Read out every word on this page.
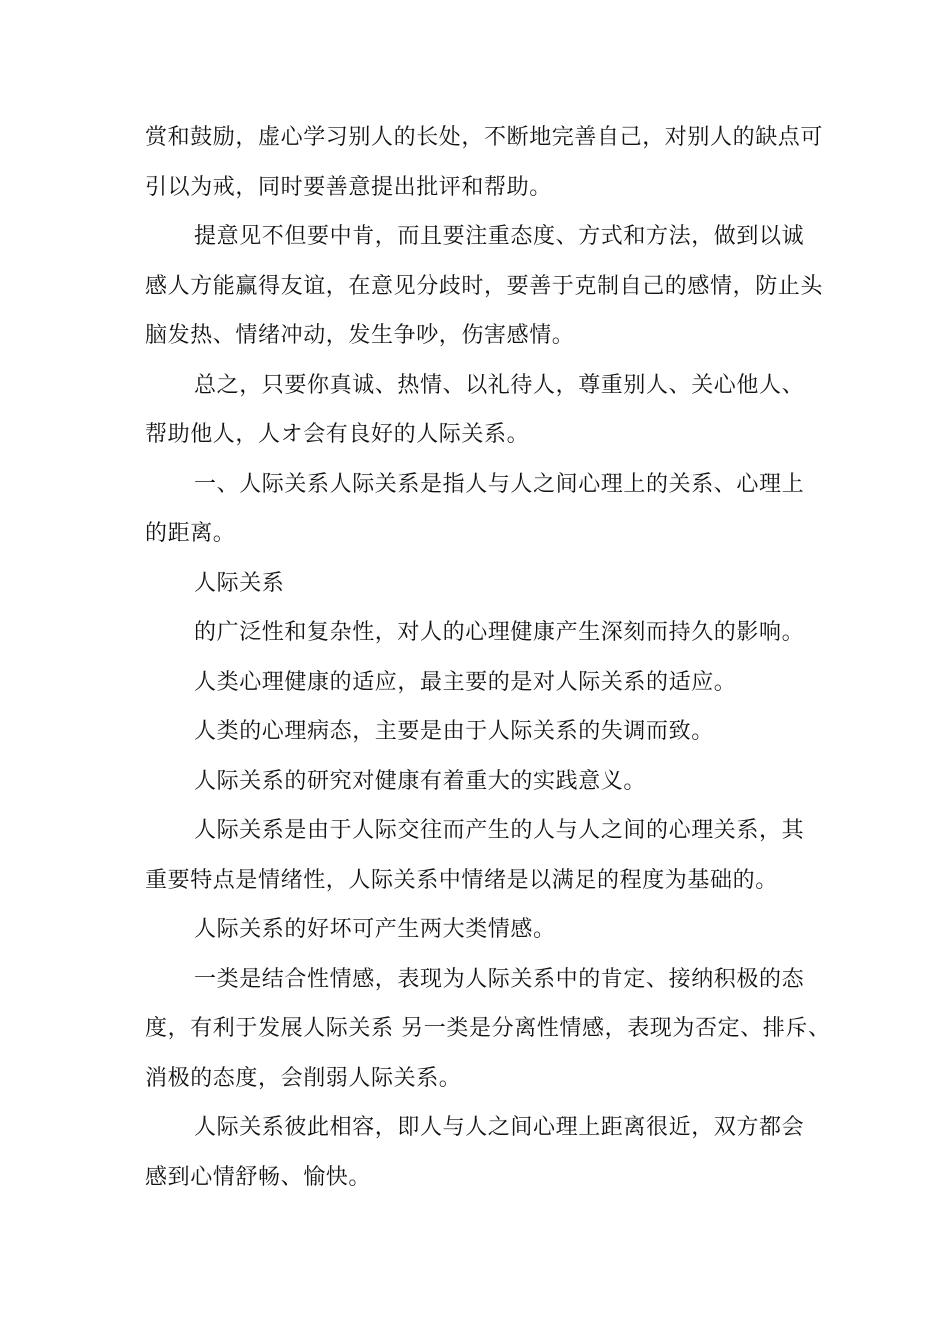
赏和鼓励，虚心学习别人的长处，不断地完善自己，对别人的缺点可
引以为戒，同时要善意提出批评和帮助。
提意见不但要中肯，而且要注重态度、方式和方法，做到以诚
感人方能赢得友谊，在意见分歧时，要善于克制自己的感情，防止头
脑发热、情绪冲动，发生争吵，伤害感情。
总之，只要你真诚、热情、以礼待人，尊重别人、关心他人、
帮助他人，人オ会有良好的人际关系。
一、人际关系人际关系是指人与人之间心理上的关系、心理上
的距离。
人际关系
的广泛性和复杂性，对人的心理健康产生深刻而持久的影响。
人类心理健康的适应，最主要的是对人际关系的适应。
人类的心理病态，主要是由于人际关系的失调而致。
人际关系的研究对健康有着重大的实践意义。
人际关系是由于人际交往而产生的人与人之间的心理关系，其
重要特点是情绪性，人际关系中情绪是以满足的程度为基础的。
人际关系的好坏可产生两大类情感。
一类是结合性情感，表现为人际关系中的肯定、接纳积极的态
度，有利于发展人际关系 另一类是分离性情感，表现为否定、排斥、
消极的态度，会削弱人际关系。
人际关系彼此相容，即人与人之间心理上距离很近，双方都会
感到心情舒畅、愉快。
